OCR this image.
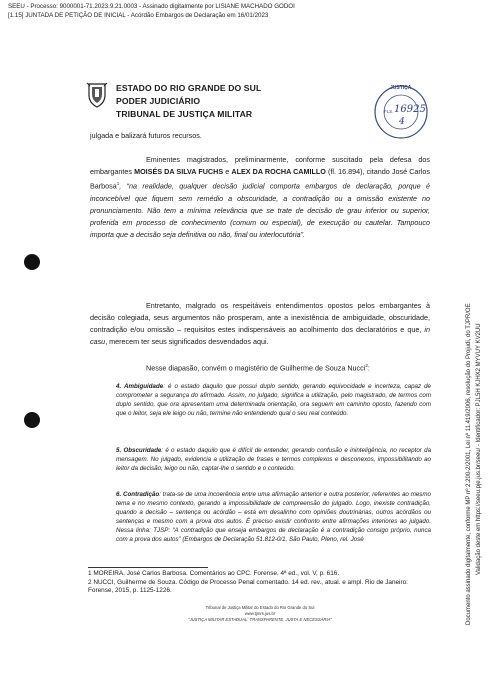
SEEU - Processo: 9000001-71.2023.9.21.0003 - Assinado digitalmente por LISIANE MACHADO GODOI
[1.15] JUNTADA DE PETIÇÃO DE INICIAL - Acórdão Embargos de Declaração em 16/01/2023
ESTADO DO RIO GRANDE DO SUL
PODER JUDICIÁRIO
TRIBUNAL DE JUSTIÇA MILITAR
JUSTIÇA
FLS. 16925
4
julgada e balizará futuros recursos.
Eminentes magistrados, preliminarmente, conforme suscitado pela defesa dos embargantes MOISÉS DA SILVA FUCHS e ALEX DA ROCHA CAMILLO (fl. 16.894), citando José Carlos Barbosa$^1$, “na realidade, qualquer decisão judicial comporta embargos de declaração, porque é inconcebível que fiquem sem remédio a obscuridade, a contradição ou a omissão existente no pronunciamento. Não tem a mínima relevância que se trate de decisão de grau inferior ou superior, proferida em processo de conhecimento (comum ou especial), de execução ou cautelar. Tampouco importa que a decisão seja definitiva ou não, final ou interlocutória”.
Entretanto, malgrado os respeitáveis entendimentos opostos pelos embargantes à decisão colegiada, seus argumentos não prosperam, ante a inexistência de ambiguidade, obscuridade, contradição e/ou omissão – requisitos estes indispensáveis ao acolhimento dos declaratórios e que, in casu, merecem ter seus significados desvendados aqui.
Nesse diapasão, convém o magistério de Guilherme de Souza Nucci$^2$:
4. Ambiguidade: é o estado daquilo que possui duplo sentido, gerando equivocidade e incerteza, capaz de comprometer a segurança do afirmado. Assim, no julgado, significa a utilização, pelo magistrado, de termos com duplo sentido, que ora apresentam uma determinada orientação, ora seguem em caminho oposto, fazendo com que o leitor, seja ele leigo ou não, termine não entendendo qual o seu real conteúdo.
5. Obscuridade: é o estado daquilo que é difícil de entender, gerando confusão e ininteligência, no receptor da mensagem. No julgado, evidencia a utilização de frases e termos complexos e desconexos, impossibilitando ao leitor da decisão, leigo ou não, captar-lhe o sentido e o conteúdo.
6. Contradição: trata-se de uma incoerência entre uma afirmação anterior e outra posterior, referentes ao mesmo tema e no mesmo contexto, gerando a impossibilidade de compreensão do julgado. Logo, inexiste contradição, quando a decisão – sentença ou acórdão – está em desalinho com opiniões doutrinárias, outros acórdãos ou sentenças e mesmo com a prova dos autos. É preciso existir confronto entre afirmações interiores ao julgado. Nessa linha: TJSP: “A contradição que enseja embargos de declaração é a contradição consigo próprio, nunca com a prova dos autos” (Embargos de Declaração 51.812-0/1, São Paulo, Pleno, rel. José
1 MOREIRA, José Carlos Barbosa. Comentários ao CPC. Forense. 4ª ed., vol. V, p. 616.
2 NUCCI, Guilherme de Souza. Código de Processo Penal comentado. 14 ed. rev., atual. e ampl. Rio de Janeiro: Forense, 2015, p. 1125-1226.
Tribunal de Justiça Militar do Estado do Rio Grande do Sul
www.tjmrs.jus.br
“JUSTIÇA MILITAR ESTADUAL: TRANSPARENTE, JUSTA E NECESSÁRIA”	Documento assinado digitalmente, conforme MP nº 2.200-2/2001, Lei nº 11.419/2006, resolução do Projudi, do TJPR/OE Validação deste em https://seeu.pje.jus.br/seeu/ - Identificador: PJL5H KJHX2 MYVUY KV2UU
